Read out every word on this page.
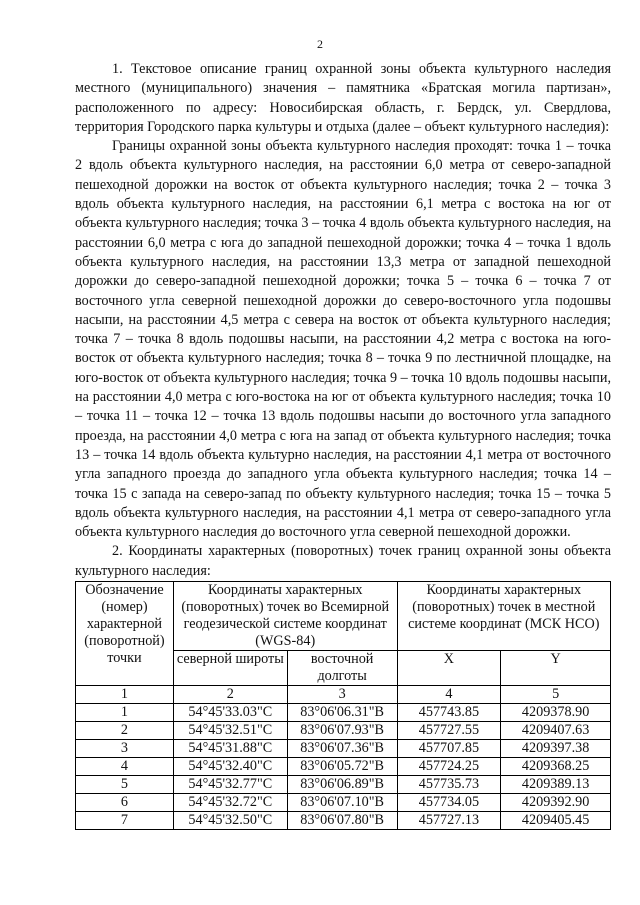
2

1. Текстовое описание границ охранной зоны объекта культурного наследия местного (муниципального) значения – памятника «Братская могила партизан», расположенного по адресу: Новосибирская область, г. Бердск, ул. Свердлова, территория Городского парка культуры и отдыха (далее – объект культурного наследия):

Границы охранной зоны объекта культурного наследия проходят: точка 1 – точка 2 вдоль объекта культурного наследия, на расстоянии 6,0 метра от северо-западной пешеходной дорожки на восток от объекта культурного наследия; точка 2 – точка 3 вдоль объекта культурного наследия, на расстоянии 6,1 метра с востока на юг от объекта культурного наследия; точка 3 – точка 4 вдоль объекта культурного наследия, на расстоянии 6,0 метра с юга до западной пешеходной дорожки; точка 4 – точка 1 вдоль объекта культурного наследия, на расстоянии 13,3 метра от западной пешеходной дорожки до северо-западной пешеходной дорожки; точка 5 – точка 6 – точка 7 от восточного угла северной пешеходной дорожки до северо-восточного угла подошвы насыпи, на расстоянии 4,5 метра с севера на восток от объекта культурного наследия; точка 7 – точка 8 вдоль подошвы насыпи, на расстоянии 4,2 метра с востока на юго-восток от объекта культурного наследия; точка 8 – точка 9 по лестничной площадке, на юго-восток от объекта культурного наследия; точка 9 – точка 10 вдоль подошвы насыпи, на расстоянии 4,0 метра с юго-востока на юг от объекта культурного наследия; точка 10 – точка 11 – точка 12 – точка 13 вдоль подошвы насыпи до восточного угла западного проезда, на расстоянии 4,0 метра с юга на запад от объекта культурного наследия; точка 13 – точка 14 вдоль объекта культурно наследия, на расстоянии 4,1 метра от восточного угла западного проезда до западного угла объекта культурного наследия; точка 14 – точка 15 с запада на северо-запад по объекту культурного наследия; точка 15 – точка 5 вдоль объекта культурного наследия, на расстоянии 4,1 метра от северо-западного угла объекта культурного наследия до восточного угла северной пешеходной дорожки.

2. Координаты характерных (поворотных) точек границ охранной зоны объекта культурного наследия:

Обозначение (номер) характерной (поворотной) точки	Координаты характерных (поворотных) точек во Всемирной геодезической системе координат (WGS-84)		Координаты характерных (поворотных) точек в местной системе координат (МСК НСО)	
	северной широты	восточной долготы	X	Y
1	2	3	4	5
1	54°45'33.03"С	83°06'06.31"В	457743.85	4209378.90
2	54°45'32.51"С	83°06'07.93"В	457727.55	4209407.63
3	54°45'31.88"С	83°06'07.36"В	457707.85	4209397.38
4	54°45'32.40"С	83°06'05.72"В	457724.25	4209368.25
5	54°45'32.77"С	83°06'06.89"В	457735.73	4209389.13
6	54°45'32.72"С	83°06'07.10"В	457734.05	4209392.90
7	54°45'32.50"С	83°06'07.80"В	457727.13	4209405.45
